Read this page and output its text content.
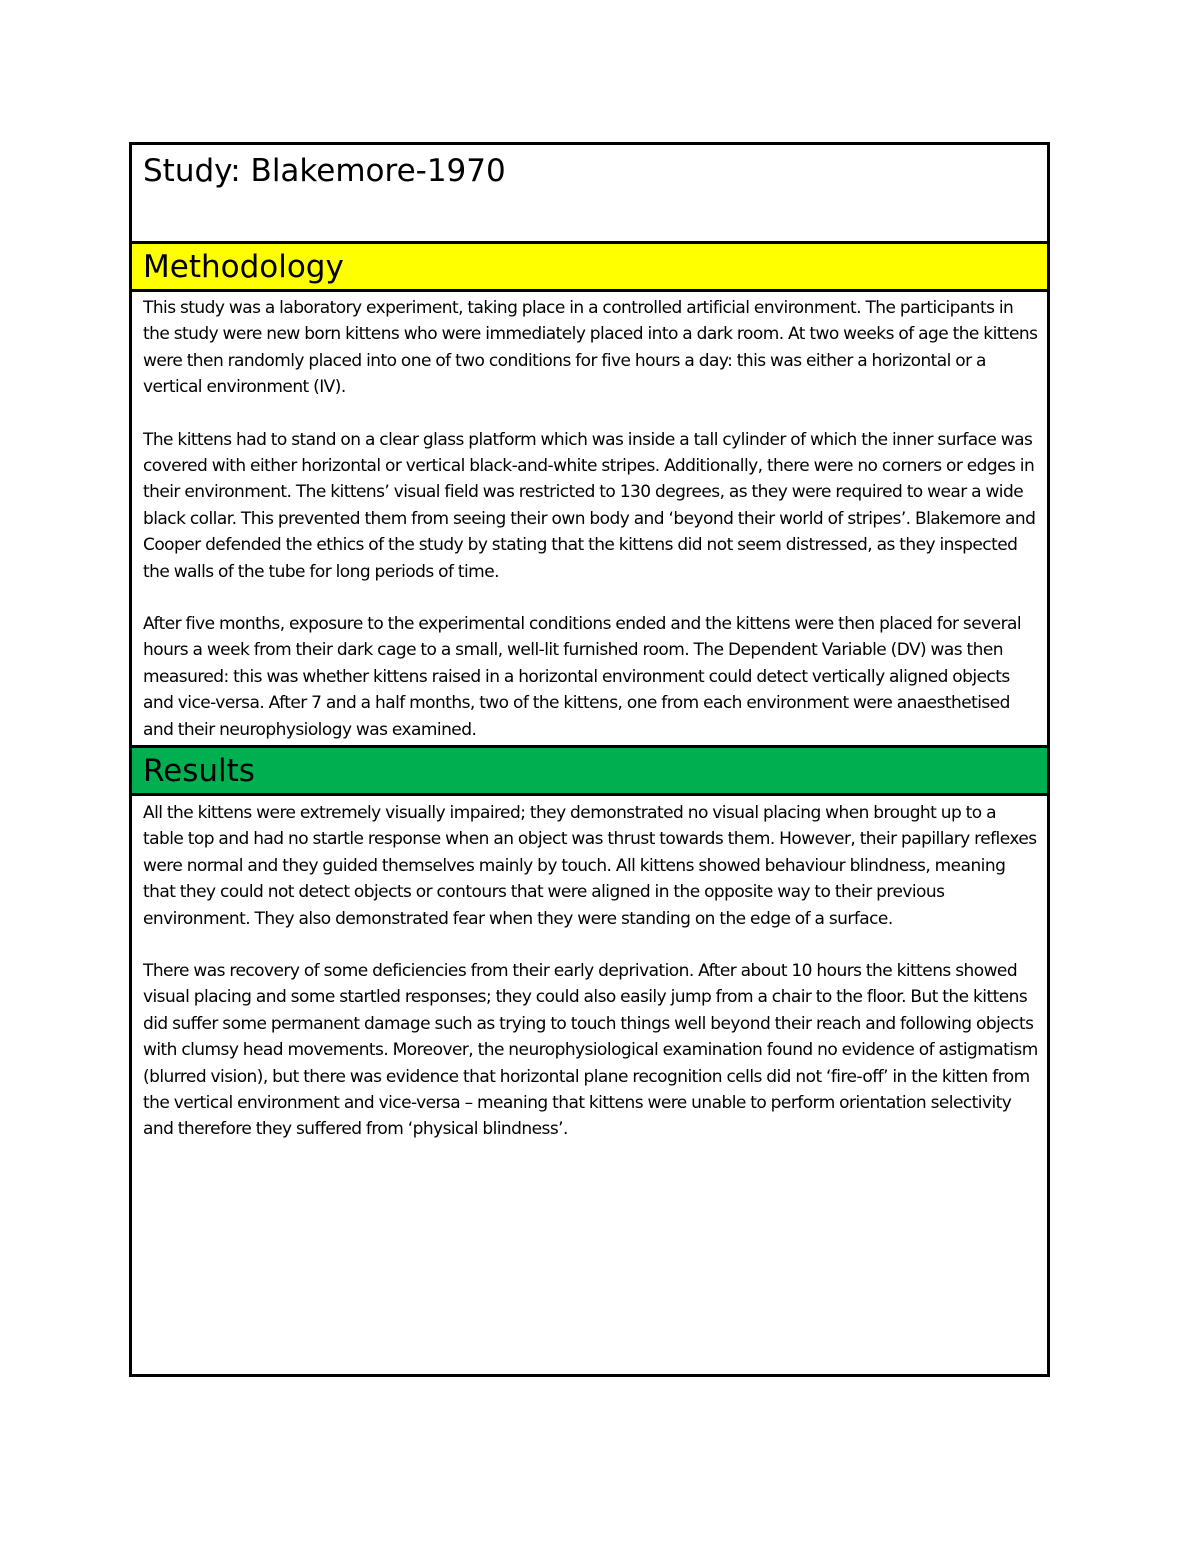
Study: Blakemore-1970
Methodology

This study was a laboratory experiment, taking place in a controlled artificial environment. The participants in the study were new born kittens who were immediately placed into a dark room. At two weeks of age the kittens were then randomly placed into one of two conditions for five hours a day: this was either a horizontal or a vertical environment (IV).

The kittens had to stand on a clear glass platform which was inside a tall cylinder of which the inner surface was covered with either horizontal or vertical black-and-white stripes. Additionally, there were no corners or edges in their environment. The kittens’ visual field was restricted to 130 degrees, as they were required to wear a wide black collar. This prevented them from seeing their own body and ‘beyond their world of stripes’. Blakemore and Cooper defended the ethics of the study by stating that the kittens did not seem distressed, as they inspected the walls of the tube for long periods of time.

After five months, exposure to the experimental conditions ended and the kittens were then placed for several hours a week from their dark cage to a small, well-lit furnished room. The Dependent Variable (DV) was then measured: this was whether kittens raised in a horizontal environment could detect vertically aligned objects and vice-versa. After 7 and a half months, two of the kittens, one from each environment were anaesthetised and their neurophysiology was examined.

Results

All the kittens were extremely visually impaired; they demonstrated no visual placing when brought up to a table top and had no startle response when an object was thrust towards them. However, their papillary reflexes were normal and they guided themselves mainly by touch. All kittens showed behaviour blindness, meaning that they could not detect objects or contours that were aligned in the opposite way to their previous environment. They also demonstrated fear when they were standing on the edge of a surface.

There was recovery of some deficiencies from their early deprivation. After about 10 hours the kittens showed visual placing and some startled responses; they could also easily jump from a chair to the floor. But the kittens did suffer some permanent damage such as trying to touch things well beyond their reach and following objects with clumsy head movements. Moreover, the neurophysiological examination found no evidence of astigmatism (blurred vision), but there was evidence that horizontal plane recognition cells did not ‘fire-off’ in the kitten from the vertical environment and vice-versa – meaning that kittens were unable to perform orientation selectivity and therefore they suffered from ‘physical blindness’.
